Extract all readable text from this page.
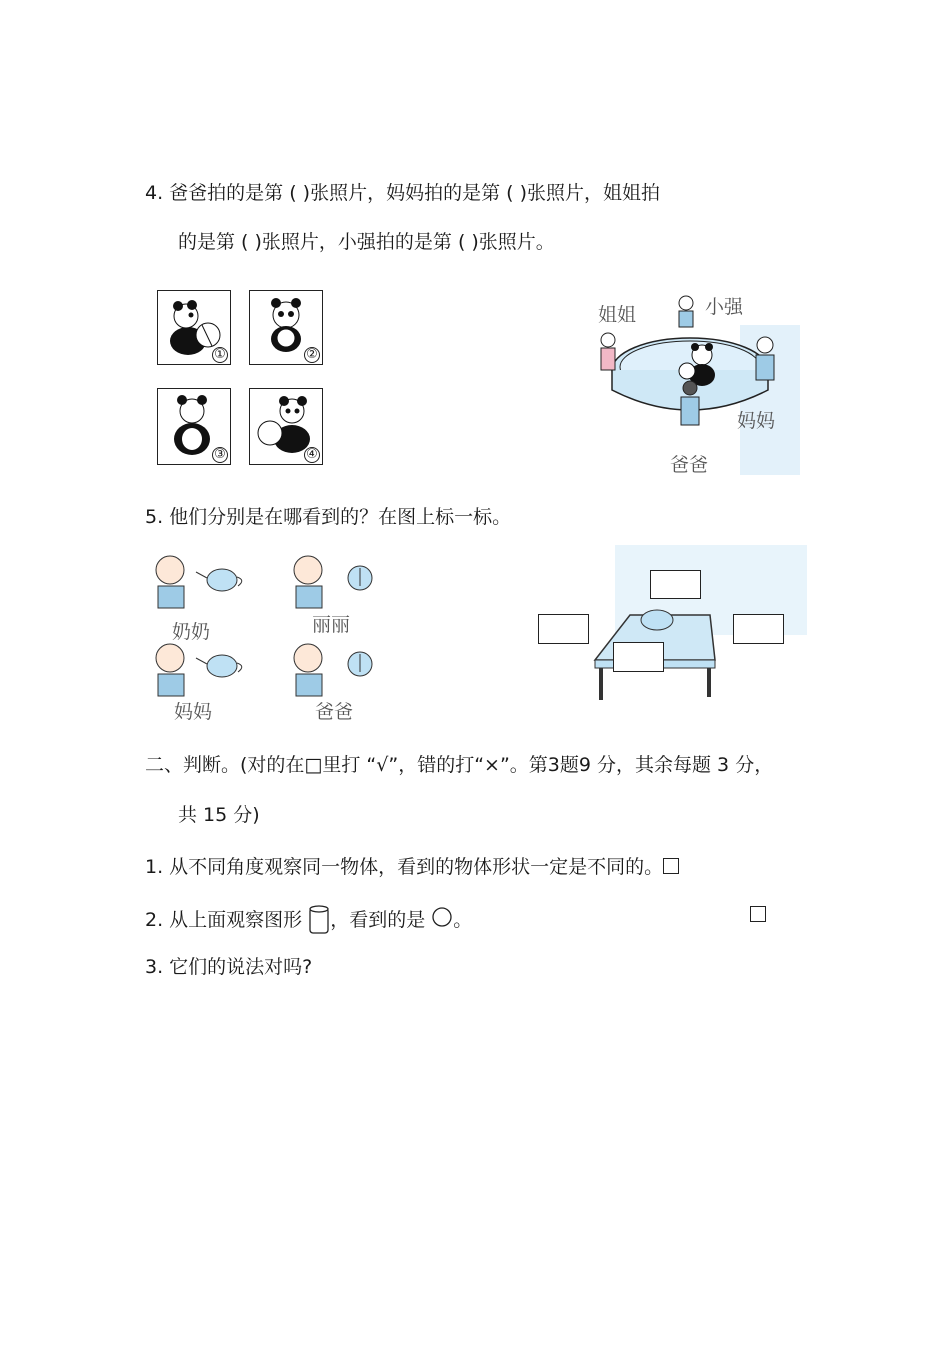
4. 爸爸拍的是第 ( )张照片，妈妈拍的是第 ( )张照片，姐姐拍
的是第 ( )张照片，小强拍的是第 ( )张照片。
①	②
③	④
姐姐	小强
妈妈
爸爸
5. 他们分别是在哪看到的？在图上标一标。
奶奶	丽丽
妈妈	爸爸
二、判断。(对的在□里打 “√”，错的打“×”。第3题9 分，其余每题 3 分，
共 15 分)
1. 从不同角度观察同一物体，看到的物体形状一定是不同的。
2. 从上面观察图形 ，看到的是 。
3. 它们的说法对吗?
